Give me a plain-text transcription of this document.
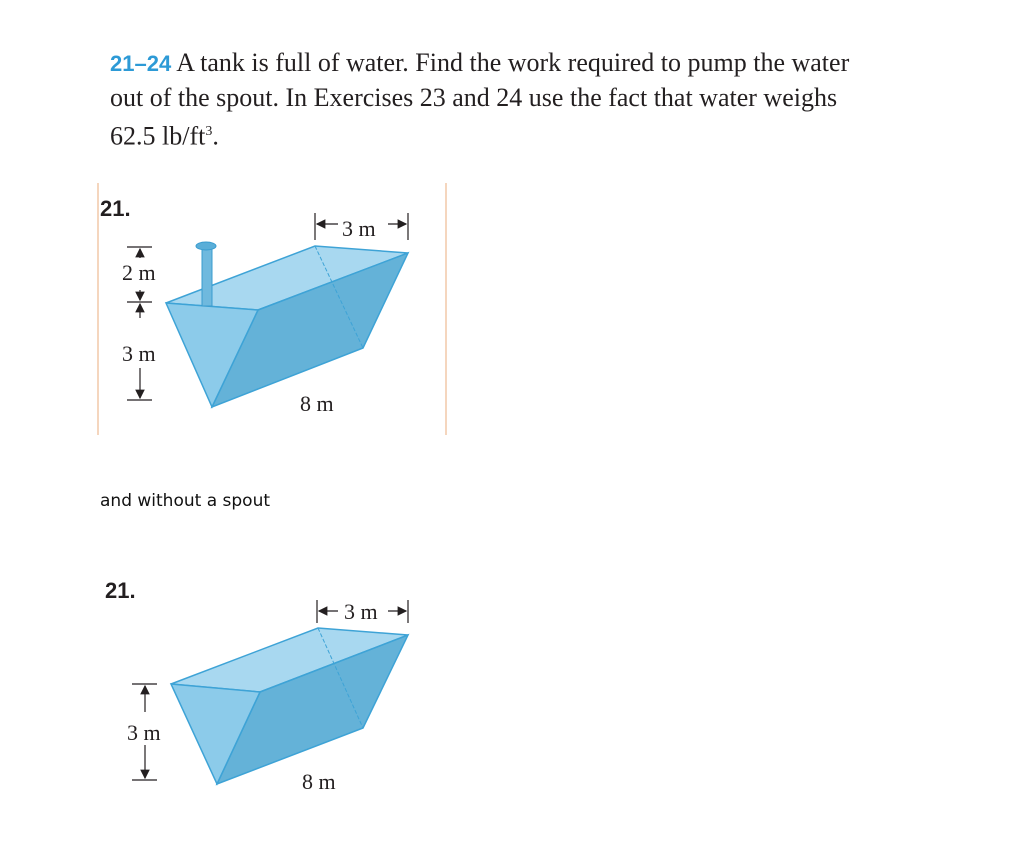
21–24 A tank is full of water. Find the work required to pump the water out of the spout. In Exercises 23 and 24 use the fact that water weighs 62.5 $lb/ft^3$.
21.
2 m
3 m
3 m
8 m
21.
3 m
3 m
8 m
and without a spout
